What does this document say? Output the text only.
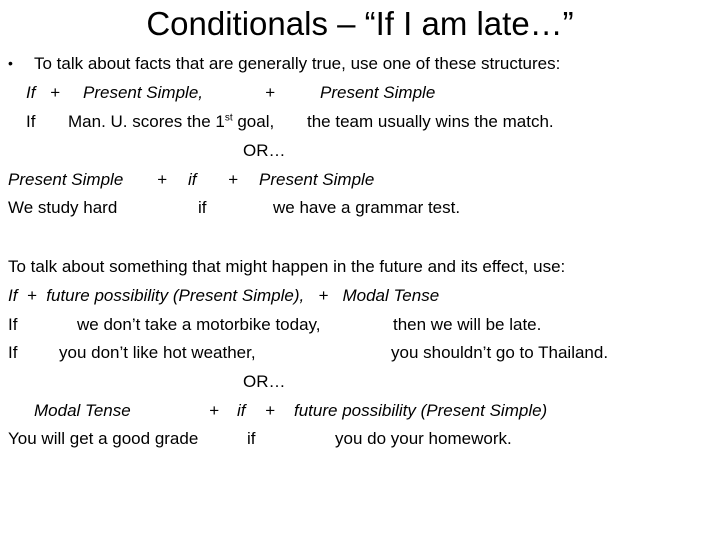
Conditionals – “If I am late…”
• To talk about facts that are generally true, use one of these structures:
If + Present Simple,	+	Present Simple
If Man. U. scores the 1st goal, the team usually wins the match.
OR…
Present Simple + if + Present Simple
We study hard	if	we have a grammar test.
To talk about something that might happen in the future and its effect, use:
If  +  future possibility (Present Simple),   +   Modal Tense
If	we don’t take a motorbike today,	then we will be late.
If you don’t like hot weather,	you shouldn’t go to Thailand.
OR…
Modal Tense	+ if + future possibility (Present Simple)
You will get a good grade	if	you do your homework.
